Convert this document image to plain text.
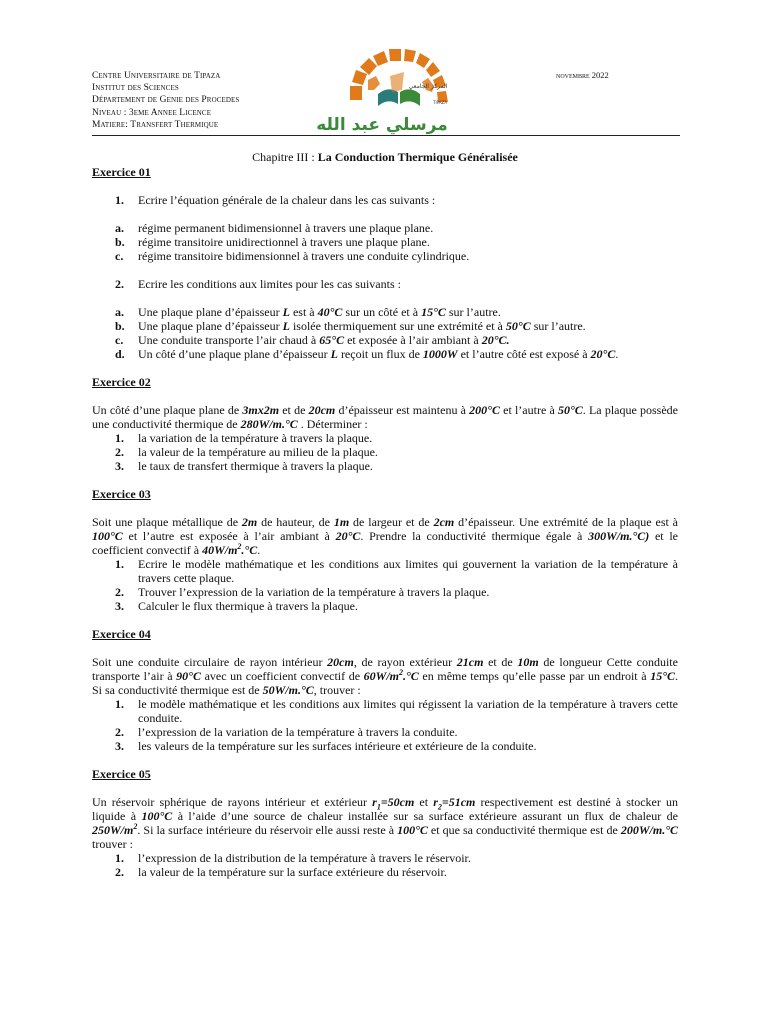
Centre Universitaire de Tipaza
Institut des Sciences
Département de Genie des Procedes
Niveau : 3eme Annee Licence
Matiere: Transfert Thermique
المركز الجامعي
TIPAZA
مرسلي عبد الله
novembre 2022
Chapitre III : La Conduction Thermique Généralisée
Exercice 01
1.	Ecrire l’équation générale de la chaleur dans les cas suivants :
a.	régime permanent bidimensionnel à travers une plaque plane.
b.	régime transitoire unidirectionnel à travers une plaque plane.
c.	régime transitoire bidimensionnel à travers une conduite cylindrique.
2.	Ecrire les conditions aux limites pour les cas suivants :
a.	Une plaque plane d’épaisseur L est à 40°C sur un côté et à 15°C sur l’autre.
b.	Une plaque plane d’épaisseur L isolée thermiquement sur une extrémité et à 50°C sur l’autre.
c.	Une conduite transporte l’air chaud à 65°C et exposée à l’air ambiant à 20°C.
d.	Un côté d’une plaque plane d’épaisseur L reçoit un flux de 1000W et l’autre côté est exposé à 20°C.
Exercice 02
Un côté d’une plaque plane de 3mx2m et de 20cm d’épaisseur est maintenu à 200°C et l’autre à 50°C. La plaque possède une conductivité thermique de 280W/m.°C . Déterminer :
1.	la variation de la température à travers la plaque.
2.	la valeur de la température au milieu de la plaque.
3.	le taux de transfert thermique à travers la plaque.
Exercice 03
Soit une plaque métallique de 2m de hauteur, de 1m de largeur et de 2cm d’épaisseur. Une extrémité de la plaque est à 100°C et l’autre est exposée à l’air ambiant à 20°C. Prendre la conductivité thermique égale à 300W/m.°C) et le coefficient convectif à $40W/m^2.^\circ C$.
1.	Ecrire le modèle mathématique et les conditions aux limites qui gouvernent la variation de la température à travers cette plaque.
2.	Trouver l’expression de la variation de la température à travers la plaque.
3.	Calculer le flux thermique à travers la plaque.
Exercice 04
Soit une conduite circulaire de rayon intérieur 20cm, de rayon extérieur 21cm et de 10m de longueur Cette conduite transporte l’air à 90°C avec un coefficient convectif de $60W/m^2.^\circ C$ en même temps qu’elle passe par un endroit à 15°C. Si sa conductivité thermique est de 50W/m.°C, trouver :
1.	le modèle mathématique et les conditions aux limites qui régissent la variation de la température à travers cette conduite.
2.	l’expression de la variation de la température à travers la conduite.
3.	les valeurs de la température sur les surfaces intérieure et extérieure de la conduite.
Exercice 05
Un réservoir sphérique de rayons intérieur et extérieur $r_1=50cm$ et $r_2=51cm$ respectivement est destiné à stocker un liquide à 100°C à l’aide d’une source de chaleur installée sur sa surface extérieure assurant un flux de chaleur de $250W/m^2$. Si la surface intérieure du réservoir elle aussi reste à 100°C et que sa conductivité thermique est de 200W/m.°C trouver :
1.	l’expression de la distribution de la température à travers le réservoir.
2.	la valeur de la température sur la surface extérieure du réservoir.
